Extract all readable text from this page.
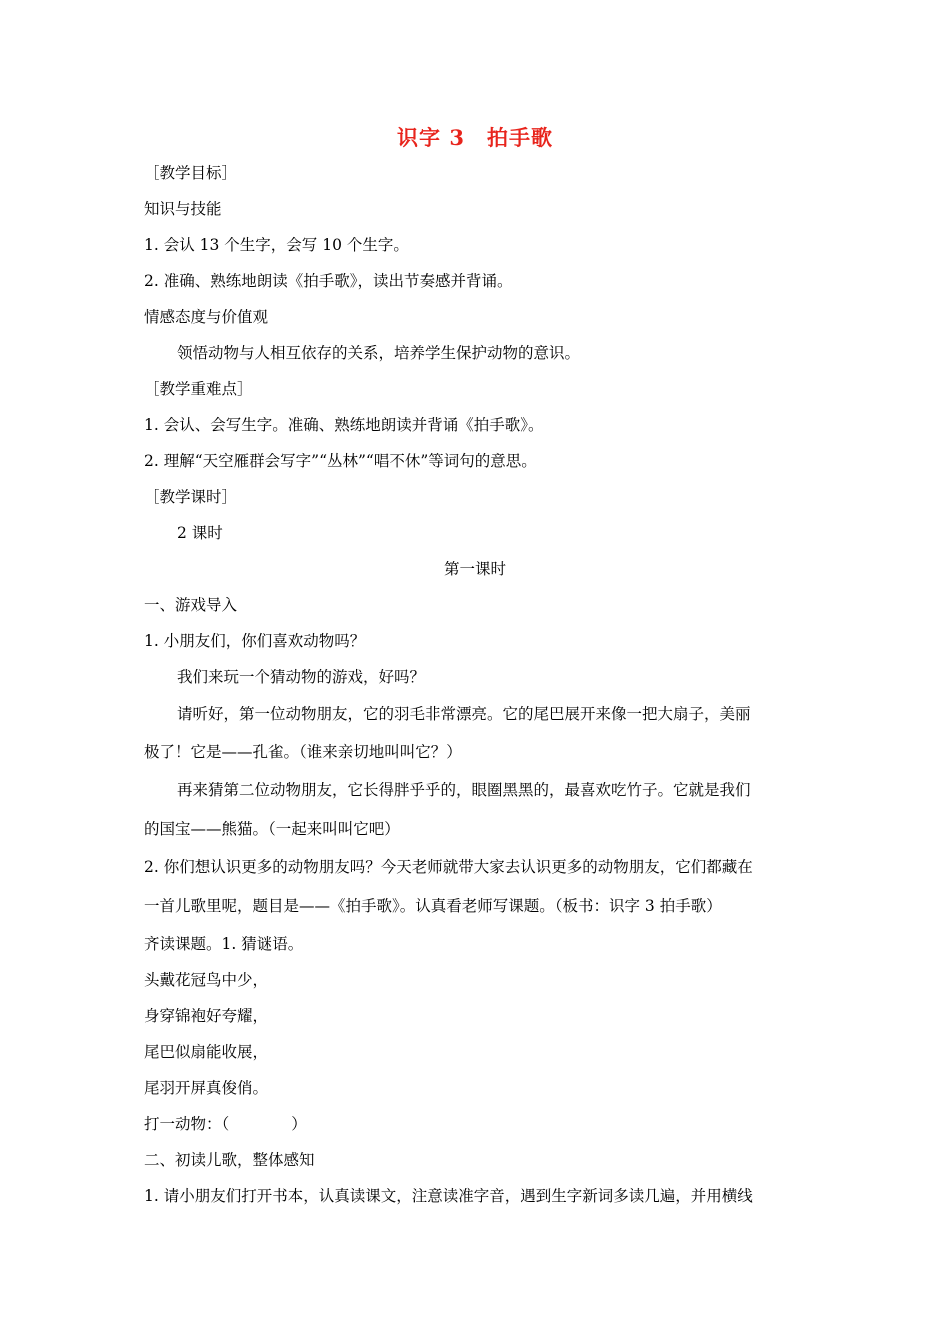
识字 3　拍手歌
［教学目标］
知识与技能
1. 会认 13 个生字，会写 10 个生字。
2. 准确、熟练地朗读《拍手歌》，读出节奏感并背诵。
情感态度与价值观
领悟动物与人相互依存的关系，培养学生保护动物的意识。
［教学重难点］
1. 会认、会写生字。准确、熟练地朗读并背诵《拍手歌》。
2. 理解“天空雁群会写字”“丛林”“唱不休”等词句的意思。
［教学课时］
2 课时
第一课时
一、游戏导入
1. 小朋友们，你们喜欢动物吗？
我们来玩一个猜动物的游戏，好吗？
请听好，第一位动物朋友，它的羽毛非常漂亮。它的尾巴展开来像一把大扇子，美丽
极了！它是——孔雀。（谁来亲切地叫叫它？）
再来猜第二位动物朋友，它长得胖乎乎的，眼圈黑黑的，最喜欢吃竹子。它就是我们
的国宝——熊猫。（一起来叫叫它吧）
2. 你们想认识更多的动物朋友吗？今天老师就带大家去认识更多的动物朋友，它们都藏在
一首儿歌里呢，题目是——《拍手歌》。认真看老师写课题。（板书：识字 3 拍手歌）
齐读课题。1. 猜谜语。
头戴花冠鸟中少，
身穿锦袍好夸耀，
尾巴似扇能收展，
尾羽开屏真俊俏。
打一动物：（　　　　）
二、初读儿歌，整体感知
1. 请小朋友们打开书本，认真读课文，注意读准字音，遇到生字新词多读几遍，并用横线
